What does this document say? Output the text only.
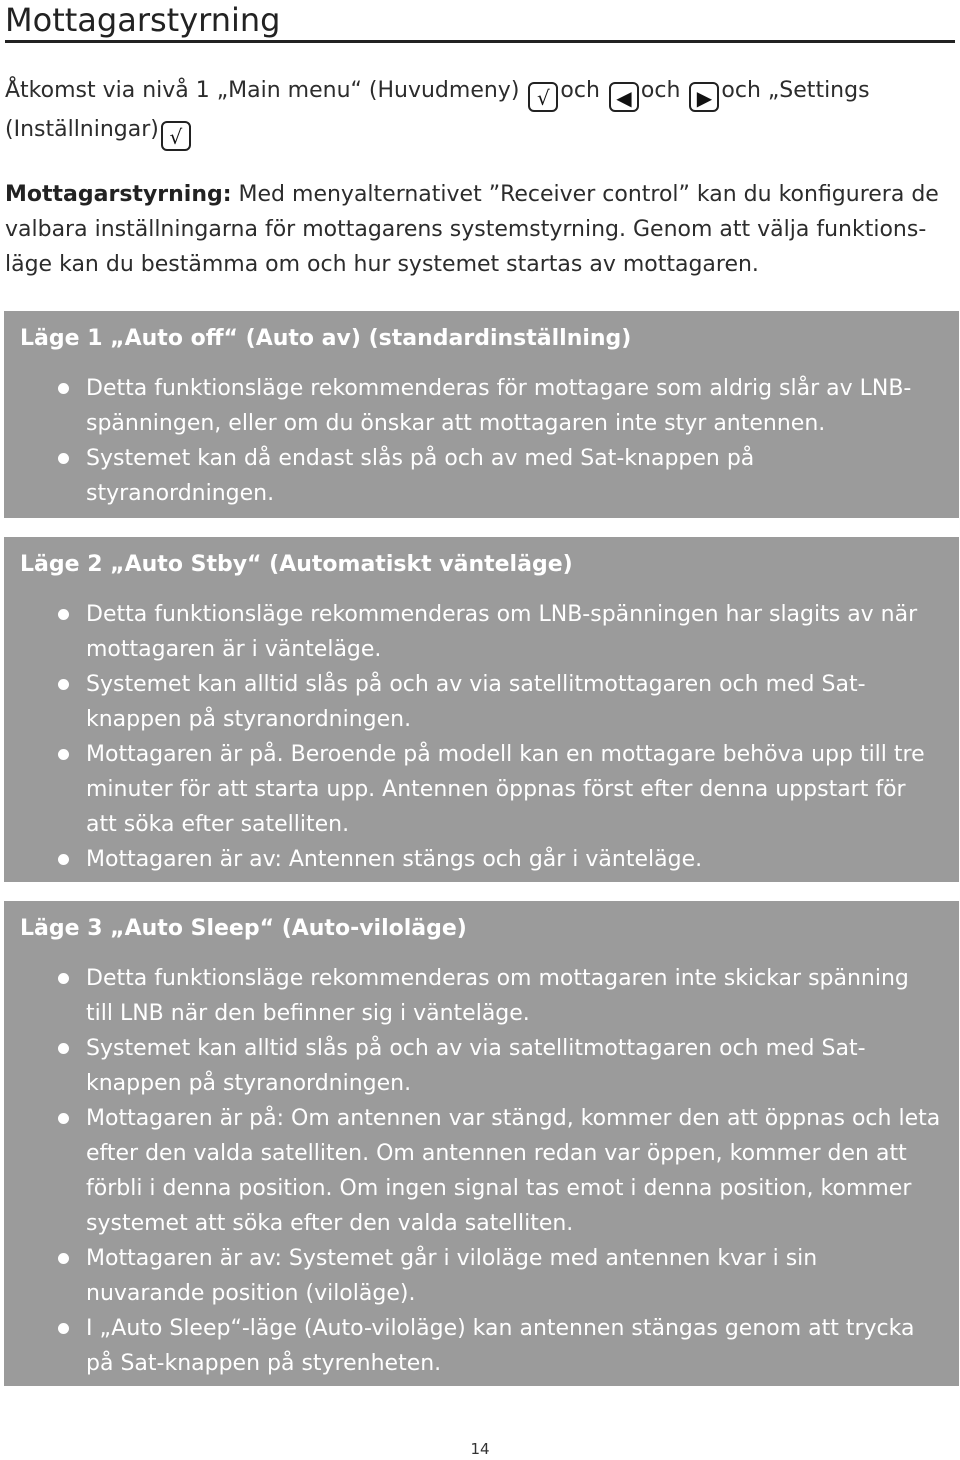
Mottagarstyrning
Åtkomst via nivå 1 „Main menu“ (Huvudmeny) √ och ◀ och ▶ och „Settings
(Inställningar) √
Mottagarstyrning: Med menyalternativet ”Receiver control” kan du konfigurera de valbara inställningarna för mottagarens systemstyrning. Genom att välja funktions-läge kan du bestämma om och hur systemet startas av mottagaren.
Läge 1 „Auto off“ (Auto av) (standardinställning)
Detta funktionsläge rekommenderas för mottagare som aldrig slår av LNB-spänningen, eller om du önskar att mottagaren inte styr antennen.
Systemet kan då endast slås på och av med Sat-knappen på styranordningen.
Läge 2 „Auto Stby“ (Automatiskt vänteläge)
Detta funktionsläge rekommenderas om LNB-spänningen har slagits av när mottagaren är i vänteläge.
Systemet kan alltid slås på och av via satellitmottagaren och med Sat-knappen på styranordningen.
Mottagaren är på. Beroende på modell kan en mottagare behöva upp till tre minuter för att starta upp. Antennen öppnas först efter denna uppstart för att söka efter satelliten.
Mottagaren är av: Antennen stängs och går i vänteläge.
Läge 3 „Auto Sleep“ (Auto-viloläge)
Detta funktionsläge rekommenderas om mottagaren inte skickar spänning till LNB när den befinner sig i vänteläge.
Systemet kan alltid slås på och av via satellitmottagaren och med Sat-knappen på styranordningen.
Mottagaren är på: Om antennen var stängd, kommer den att öppnas och leta efter den valda satelliten. Om antennen redan var öppen, kommer den att förbli i denna position. Om ingen signal tas emot i denna position, kommer systemet att söka efter den valda satelliten.
Mottagaren är av: Systemet går i viloläge med antennen kvar i sin nuvarande position (viloläge).
I „Auto Sleep“-läge (Auto-viloläge) kan antennen stängas genom att trycka på Sat-knappen på styrenheten.
14
